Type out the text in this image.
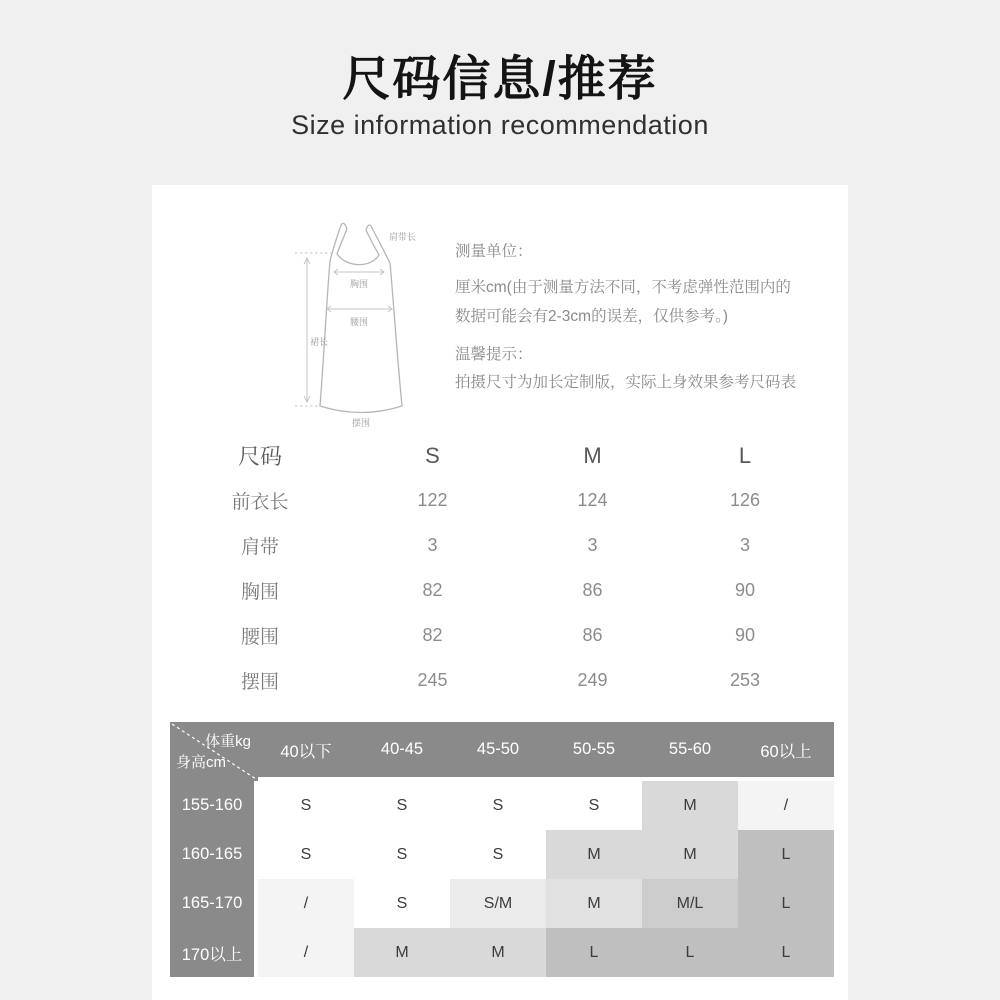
尺码信息/推荐
Size information recommendation
肩带长
胸围
腰围
裙长
摆围
测量单位：
厘米cm(由于测量方法不同，不考虑弹性范围内的
数据可能会有2-3cm的误差，仅供参考。)
温馨提示：
拍摄尺寸为加长定制版，实际上身效果参考尺码表
尺码	S	M	L
前衣长	122	124	126
肩带	3	3	3
胸围	82	86	90
腰围	82	86	90
摆围	245	249	253
体重kg
身高cm
40以下	40-45	45-50	50-55	55-60	60以上
155-160	S	S	S	S	M	/
160-165	S	S	S	M	M	L
165-170	/	S	S/M	M	M/L	L
170以上	/	M	M	L	L	L
